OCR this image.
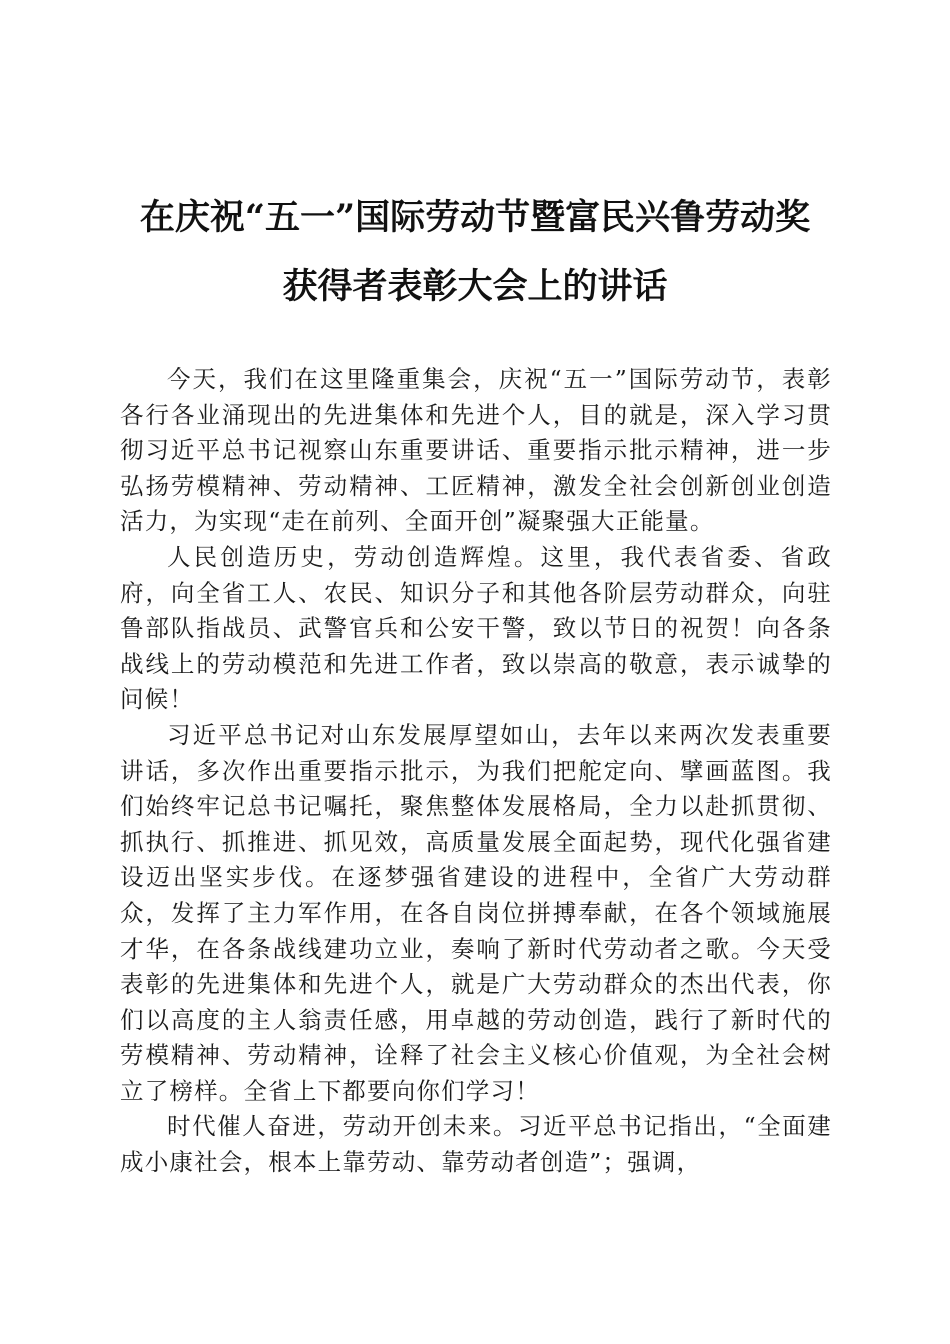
在庆祝“五一”国际劳动节暨富民兴鲁劳动奖
获得者表彰大会上的讲话

今天，我们在这里隆重集会，庆祝“五一”国际劳动节，表彰各行各业涌现出的先进集体和先进个人，目的就是，深入学习贯彻习近平总书记视察山东重要讲话、重要指示批示精神，进一步弘扬劳模精神、劳动精神、工匠精神，激发全社会创新创业创造活力，为实现“走在前列、全面开创”凝聚强大正能量。

人民创造历史，劳动创造辉煌。这里，我代表省委、省政府，向全省工人、农民、知识分子和其他各阶层劳动群众，向驻鲁部队指战员、武警官兵和公安干警，致以节日的祝贺！向各条战线上的劳动模范和先进工作者，致以崇高的敬意，表示诚挚的问候！

习近平总书记对山东发展厚望如山，去年以来两次发表重要讲话，多次作出重要指示批示，为我们把舵定向、擘画蓝图。我们始终牢记总书记嘱托，聚焦整体发展格局，全力以赴抓贯彻、抓执行、抓推进、抓见效，高质量发展全面起势，现代化强省建设迈出坚实步伐。在逐梦强省建设的进程中，全省广大劳动群众，发挥了主力军作用，在各自岗位拼搏奉献，在各个领域施展才华，在各条战线建功立业，奏响了新时代劳动者之歌。今天受表彰的先进集体和先进个人，就是广大劳动群众的杰出代表，你们以高度的主人翁责任感，用卓越的劳动创造，践行了新时代的劳模精神、劳动精神，诠释了社会主义核心价值观，为全社会树立了榜样。全省上下都要向你们学习！

时代催人奋进，劳动开创未来。习近平总书记指出，“全面建成小康社会，根本上靠劳动、靠劳动者创造”；强调，
